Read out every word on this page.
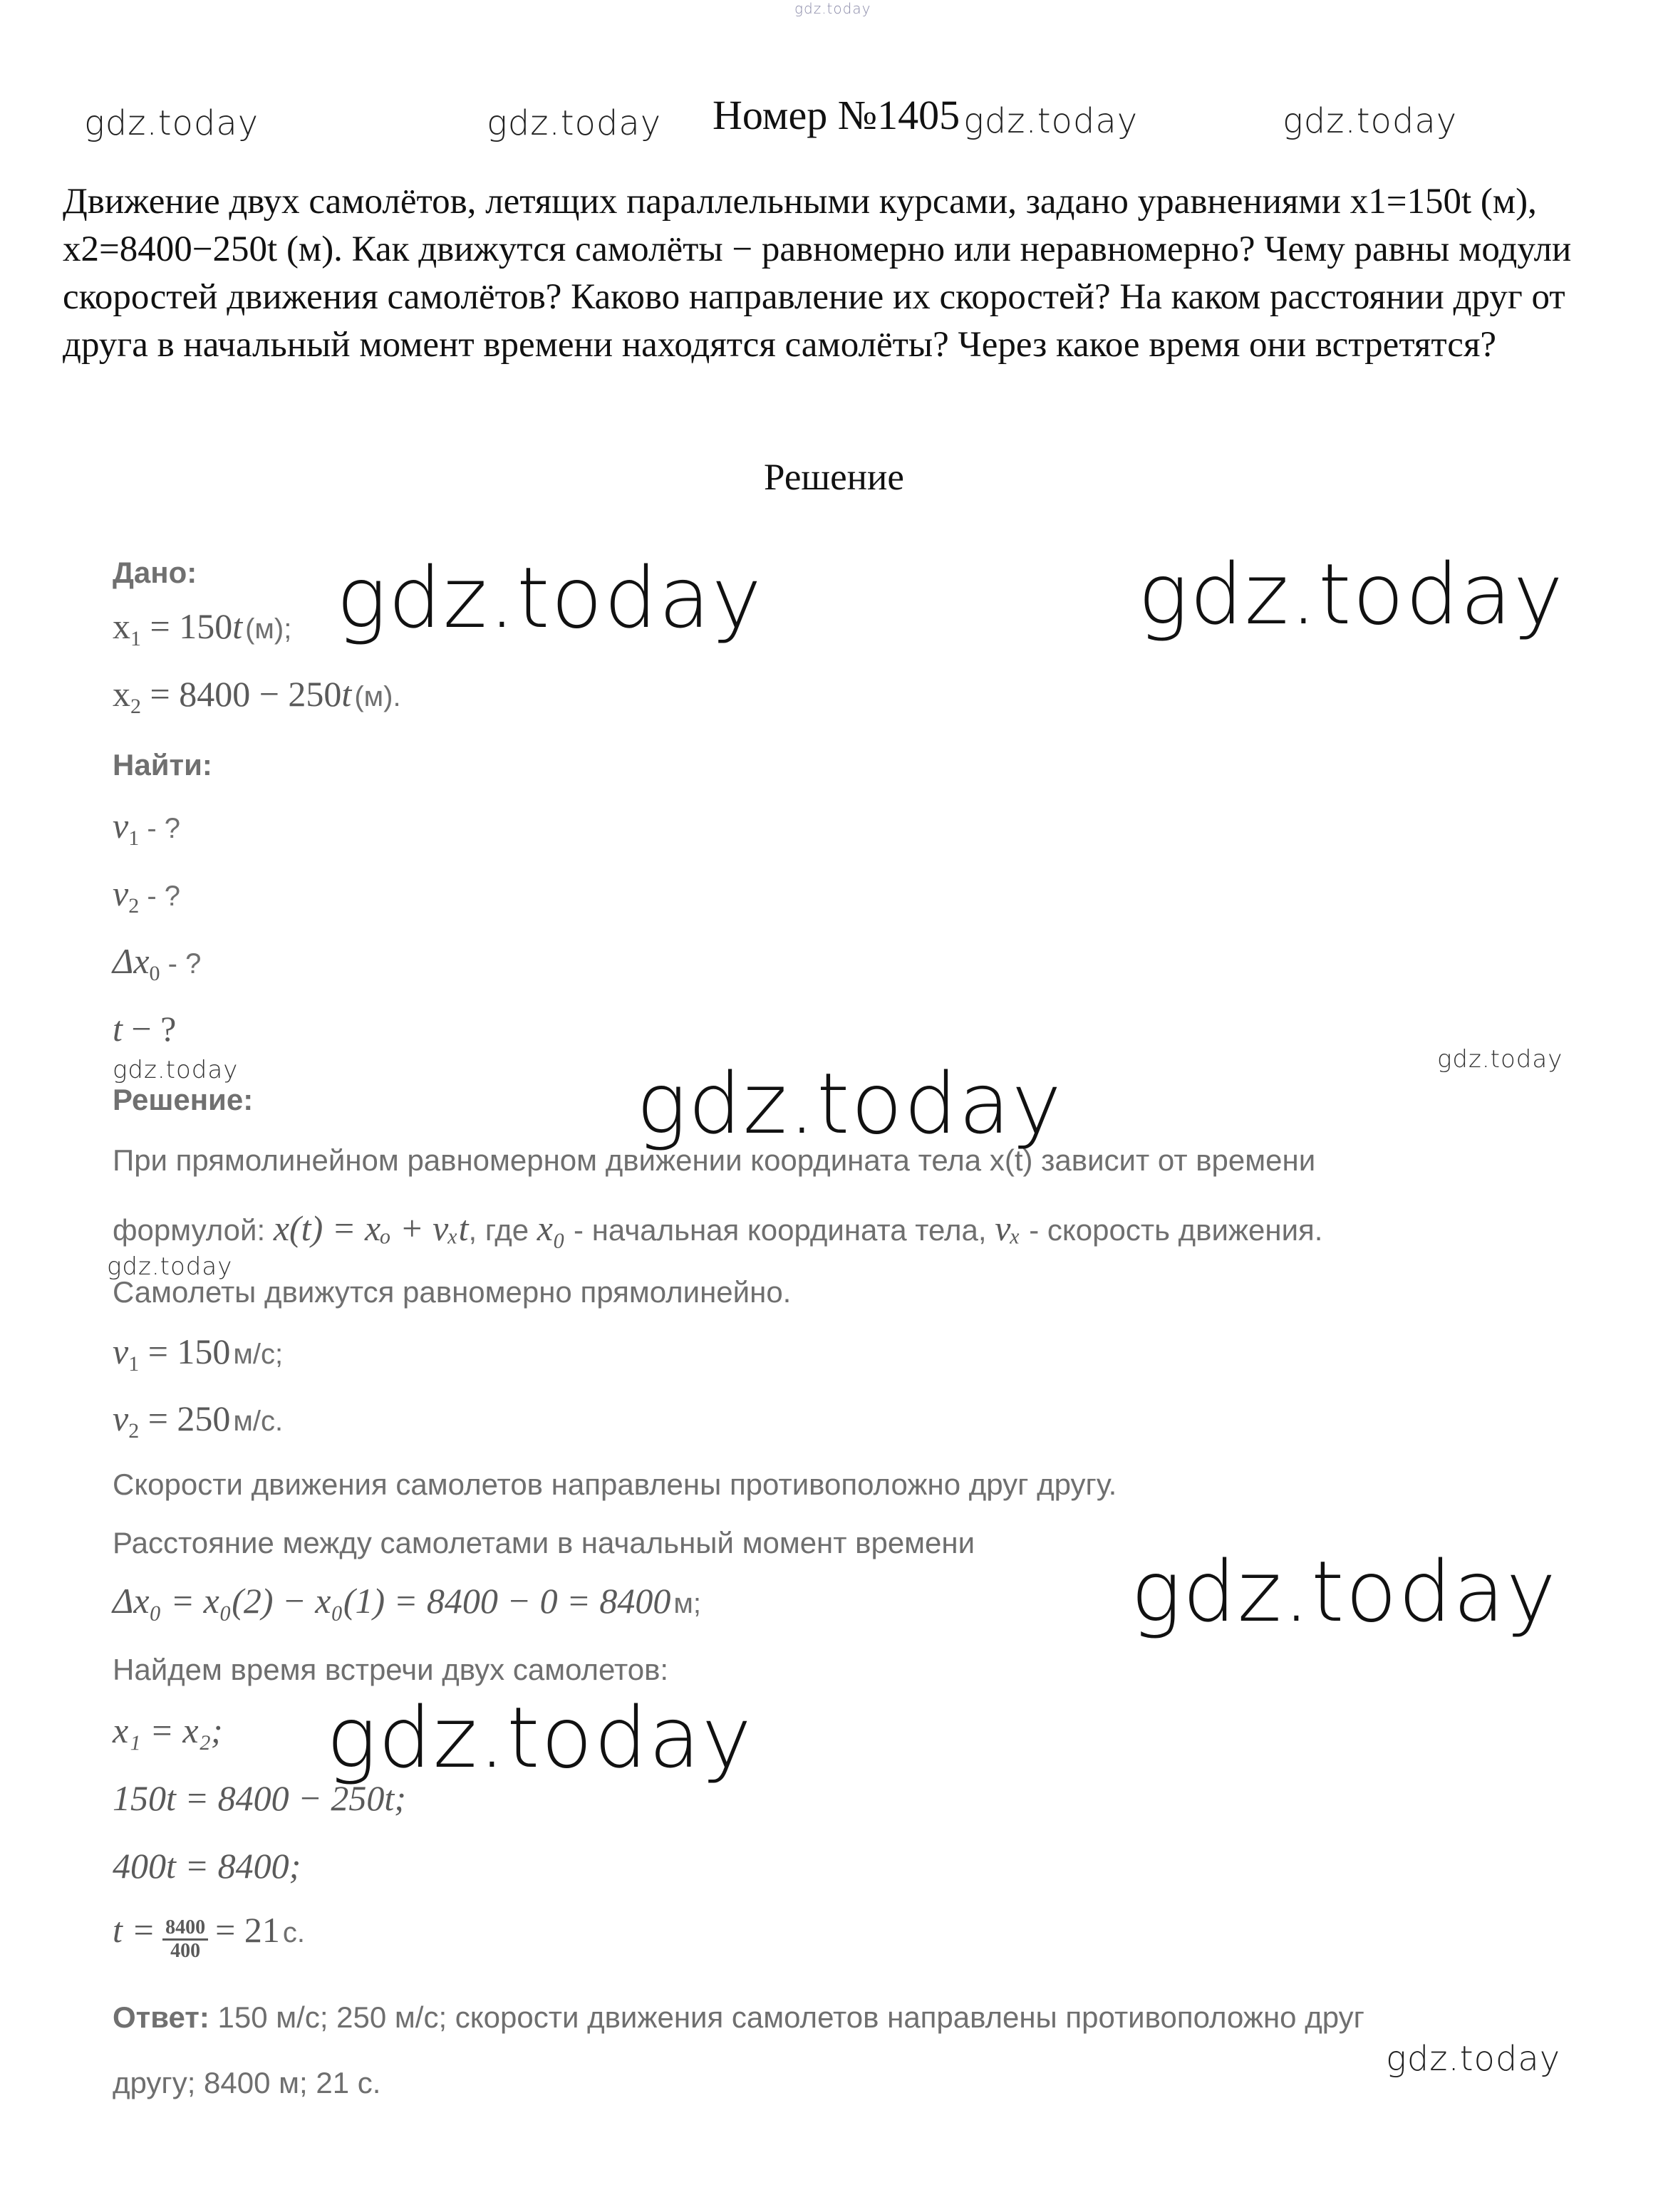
gdz.today
gdz.today	gdz.today	gdz.today	gdz.today
gdz.today	gdz.today
gdz.today	gdz.today
gdz.today
gdz.today
gdz.today
gdz.today
gdz.today
Номер №1405
Движение двух самолётов, летящих параллельными курсами, задано уравнениями x1=150t (м), x2=8400−250t (м). Как движутся самолёты − равномерно или неравномерно? Чему равны модули скоростей движения самолётов? Каково направление их скоростей? На каком расстоянии друг от друга в начальный момент времени находятся самолёты? Через какое время они встретятся?
Решение
Дано:
$x_1 = 150t$ (м);
$x_2 = 8400 - 250t$ (м).
Найти:
$v_1$ - ?
$v_2$ - ?
$\Delta x_0$ - ?
t − ?
Решение:
При прямолинейном равномерном движении координата тела x(t) зависит от времени
формулой: x(t) = xₒ + vₓt, где x₀ - начальная координата тела, vₓ - скорость движения.
Самолеты движутся равномерно прямолинейно.
$v_1 = 150$ м/с;
$v_2 = 250$ м/с.
Скорости движения самолетов направлены противоположно друг другу.
Расстояние между самолетами в начальный момент времени
Δx₀ = x₀(2) − x₀(1) = 8400 − 0 = 8400 м;
Найдем время встречи двух самолетов:
x₁ = x₂;
150t = 8400 − 250t;
400t = 8400;
$t = \frac{8400}{400} = 21$ с.
Ответ: 150 м/с; 250 м/с; скорости движения самолетов направлены противоположно друг
другу; 8400 м; 21 с.
